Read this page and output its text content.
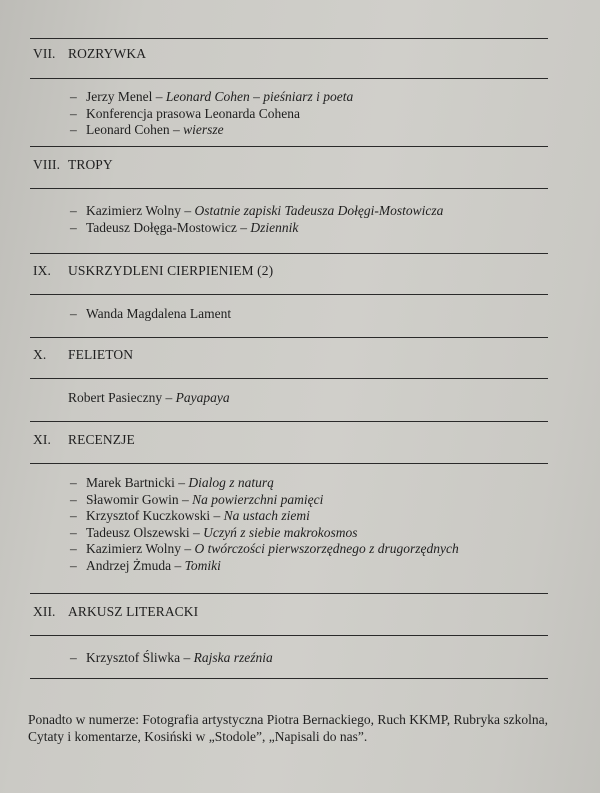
VII. ROZRYWKA
– Jerzy Menel – Leonard Cohen – pieśniarz i poeta
– Konferencja prasowa Leonarda Cohena
– Leonard Cohen – wiersze
VIII. TROPY
– Kazimierz Wolny – Ostatnie zapiski Tadeusza Dołęgi-Mostowicza
– Tadeusz Dołęga-Mostowicz – Dziennik
IX. USKRZYDLENI CIERPIENIEM (2)
– Wanda Magdalena Lament
X. FELIETON
Robert Pasieczny – Payapaya
XI. RECENZJE
– Marek Bartnicki – Dialog z naturą
– Sławomir Gowin – Na powierzchni pamięci
– Krzysztof Kuczkowski – Na ustach ziemi
– Tadeusz Olszewski – Uczyń z siebie makrokosmos
– Kazimierz Wolny – O twórczości pierwszorzędnego z drugorzędnych
– Andrzej Żmuda – Tomiki
XII. ARKUSZ LITERACKI
– Krzysztof Śliwka – Rajska rzeźnia
Ponadto w numerze: Fotografia artystyczna Piotra Bernackiego, Ruch KKMP, Rubryka szkolna, Cytaty i komentarze, Kosiński w „Stodole”, „Napisali do nas”.
